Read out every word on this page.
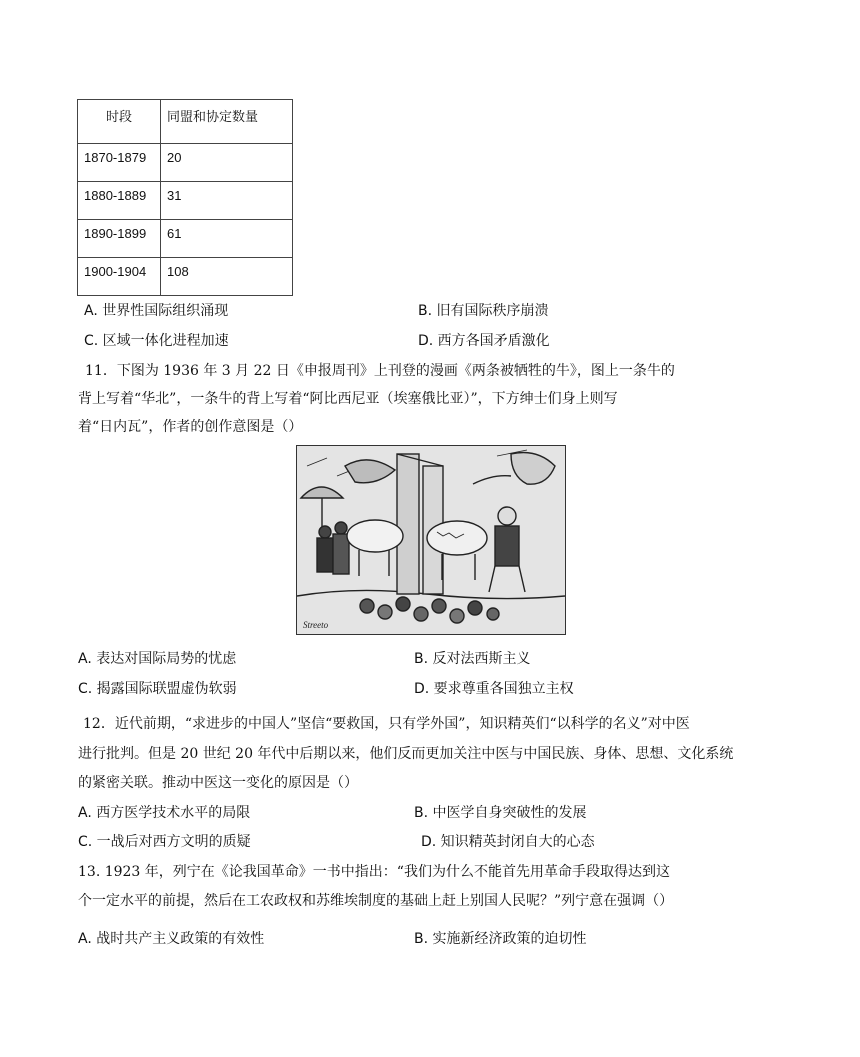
时段	同盟和协定数量
1870-1879	20
1880-1889	31
1890-1899	61
1900-1904	108
A. 世界性国际组织涌现	B. 旧有国际秩序崩溃
C. 区域一体化进程加速	D. 西方各国矛盾激化
11．下图为 1936 年 3 月 22 日《申报周刊》上刊登的漫画《两条被牺牲的牛》，图上一条牛的
背上写着“华北”，一条牛的背上写着“阿比西尼亚（埃塞俄比亚）”，下方绅士们身上则写
着“日内瓦”，作者的创作意图是（）
Streeto
A. 表达对国际局势的忧虑	B. 反对法西斯主义
C. 揭露国际联盟虚伪软弱	D. 要求尊重各国独立主权
12．近代前期，“求进步的中国人”坚信“要救国，只有学外国”，知识精英们“以科学的名义”对中医
进行批判。但是 20 世纪 20 年代中后期以来，他们反而更加关注中医与中国民族、身体、思想、文化系统
的紧密关联。推动中医这一变化的原因是（）
A. 西方医学技术水平的局限	B. 中医学自身突破性的发展
C. 一战后对西方文明的质疑	D. 知识精英封闭自大的心态
13. 1923 年，列宁在《论我国革命》一书中指出：“我们为什么不能首先用革命手段取得达到这
个一定水平的前提，然后在工农政权和苏维埃制度的基础上赶上别国人民呢？”列宁意在强调（）
A. 战时共产主义政策的有效性	B. 实施新经济政策的迫切性
